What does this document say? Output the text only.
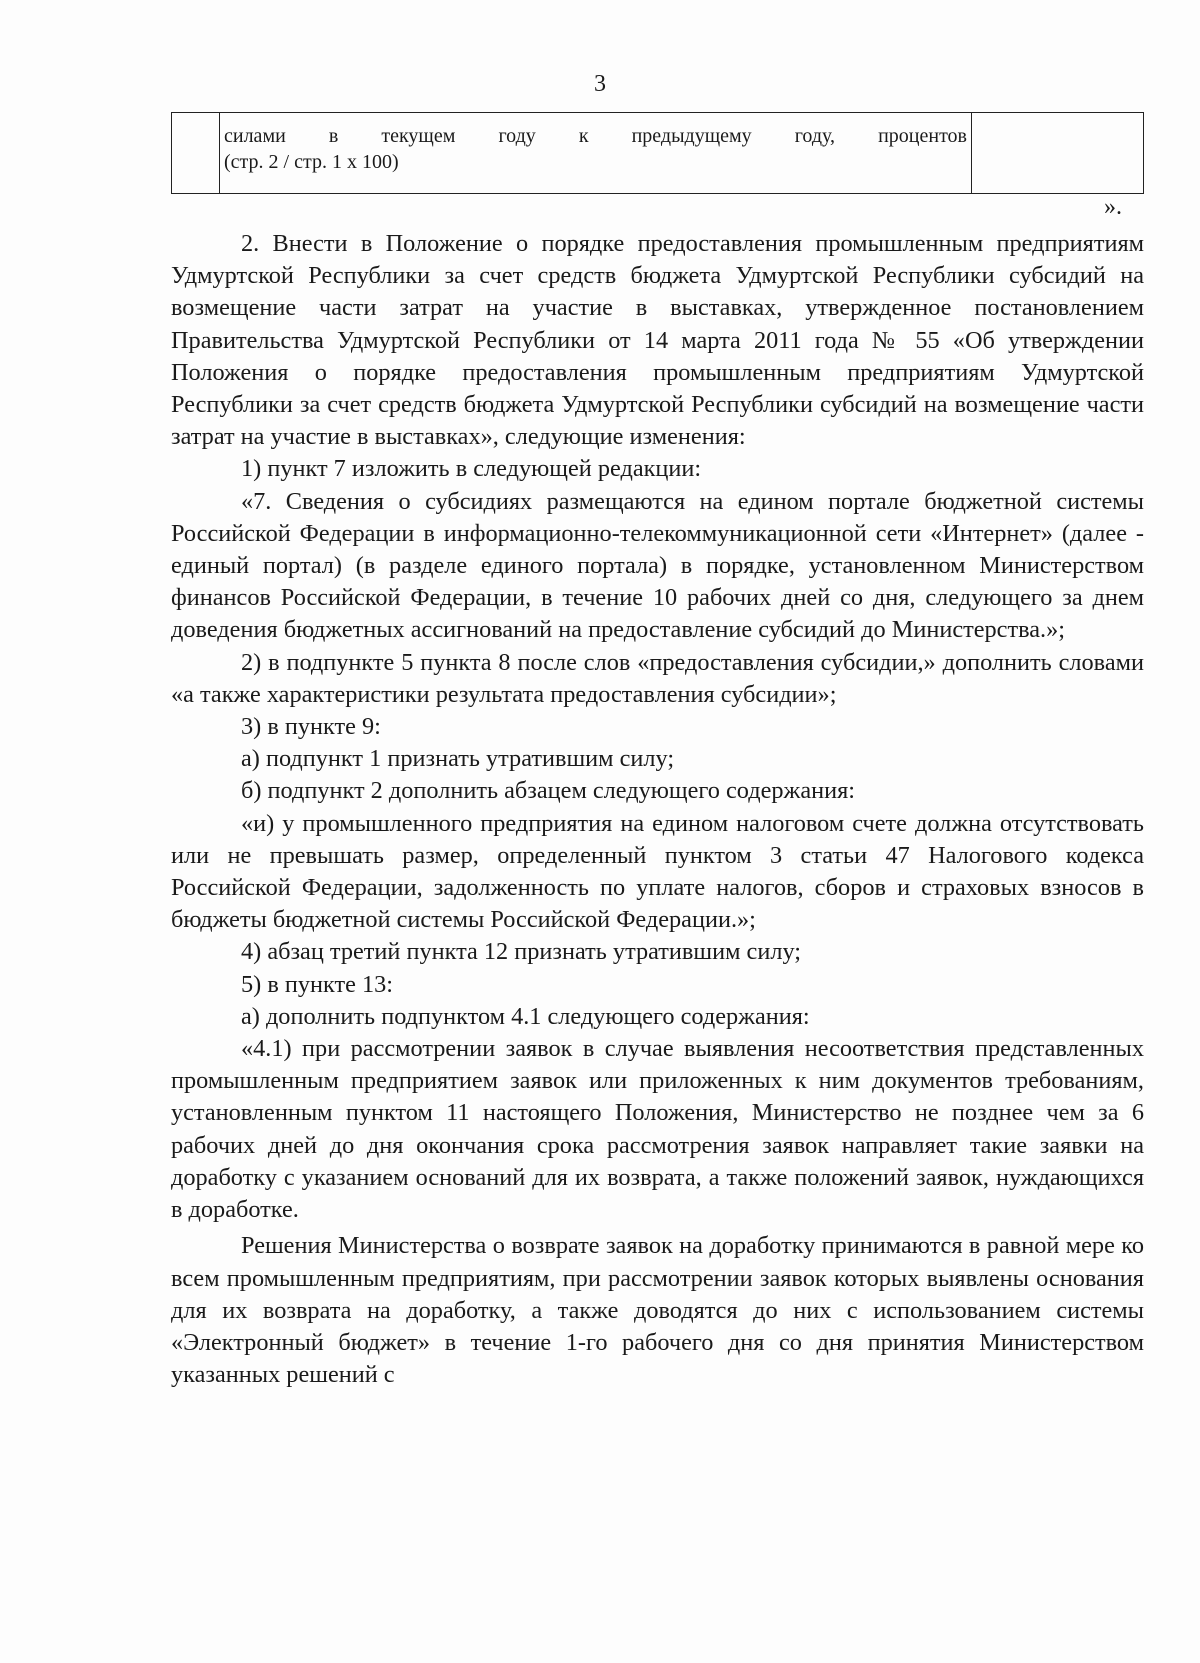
3

силами в текущем году к предыдущему году, процентов
(стр. 2 / стр. 1 x 100)

».

2. Внести в Положение о порядке предоставления промышленным предприятиям Удмуртской Республики за счет средств бюджета Удмуртской Республики субсидий на возмещение части затрат на участие в выставках, утвержденное постановлением Правительства Удмуртской Республики от 14 марта 2011 года № 55 «Об утверждении Положения о порядке предоставления промышленным предприятиям Удмуртской Республики за счет средств бюджета Удмуртской Республики субсидий на возмещение части затрат на участие в выставках», следующие изменения:

1) пункт 7 изложить в следующей редакции:

«7. Сведения о субсидиях размещаются на едином портале бюджетной системы Российской Федерации в информационно-телекоммуникационной сети «Интернет» (далее - единый портал) (в разделе единого портала) в порядке, установленном Министерством финансов Российской Федерации, в течение 10 рабочих дней со дня, следующего за днем доведения бюджетных ассигнований на предоставление субсидий до Министерства.»;

2) в подпункте 5 пункта 8 после слов «предоставления субсидии,» дополнить словами «а также характеристики результата предоставления субсидии»;

3) в пункте 9:

а) подпункт 1 признать утратившим силу;

б) подпункт 2 дополнить абзацем следующего содержания:

«и) у промышленного предприятия на едином налоговом счете должна отсутствовать или не превышать размер, определенный пунктом 3 статьи 47 Налогового кодекса Российской Федерации, задолженность по уплате налогов, сборов и страховых взносов в бюджеты бюджетной системы Российской Федерации.»;

4) абзац третий пункта 12 признать утратившим силу;

5) в пункте 13:

а) дополнить подпунктом 4.1 следующего содержания:

«4.1) при рассмотрении заявок в случае выявления несоответствия представленных промышленным предприятием заявок или приложенных к ним документов требованиям, установленным пунктом 11 настоящего Положения, Министерство не позднее чем за 6 рабочих дней до дня окончания срока рассмотрения заявок направляет такие заявки на доработку с указанием оснований для их возврата, а также положений заявок, нуждающихся в доработке.

Решения Министерства о возврате заявок на доработку принимаются в равной мере ко всем промышленным предприятиям, при рассмотрении заявок которых выявлены основания для их возврата на доработку, а также доводятся до них с использованием системы «Электронный бюджет» в течение 1-го рабочего дня со дня принятия Министерством указанных решений с
